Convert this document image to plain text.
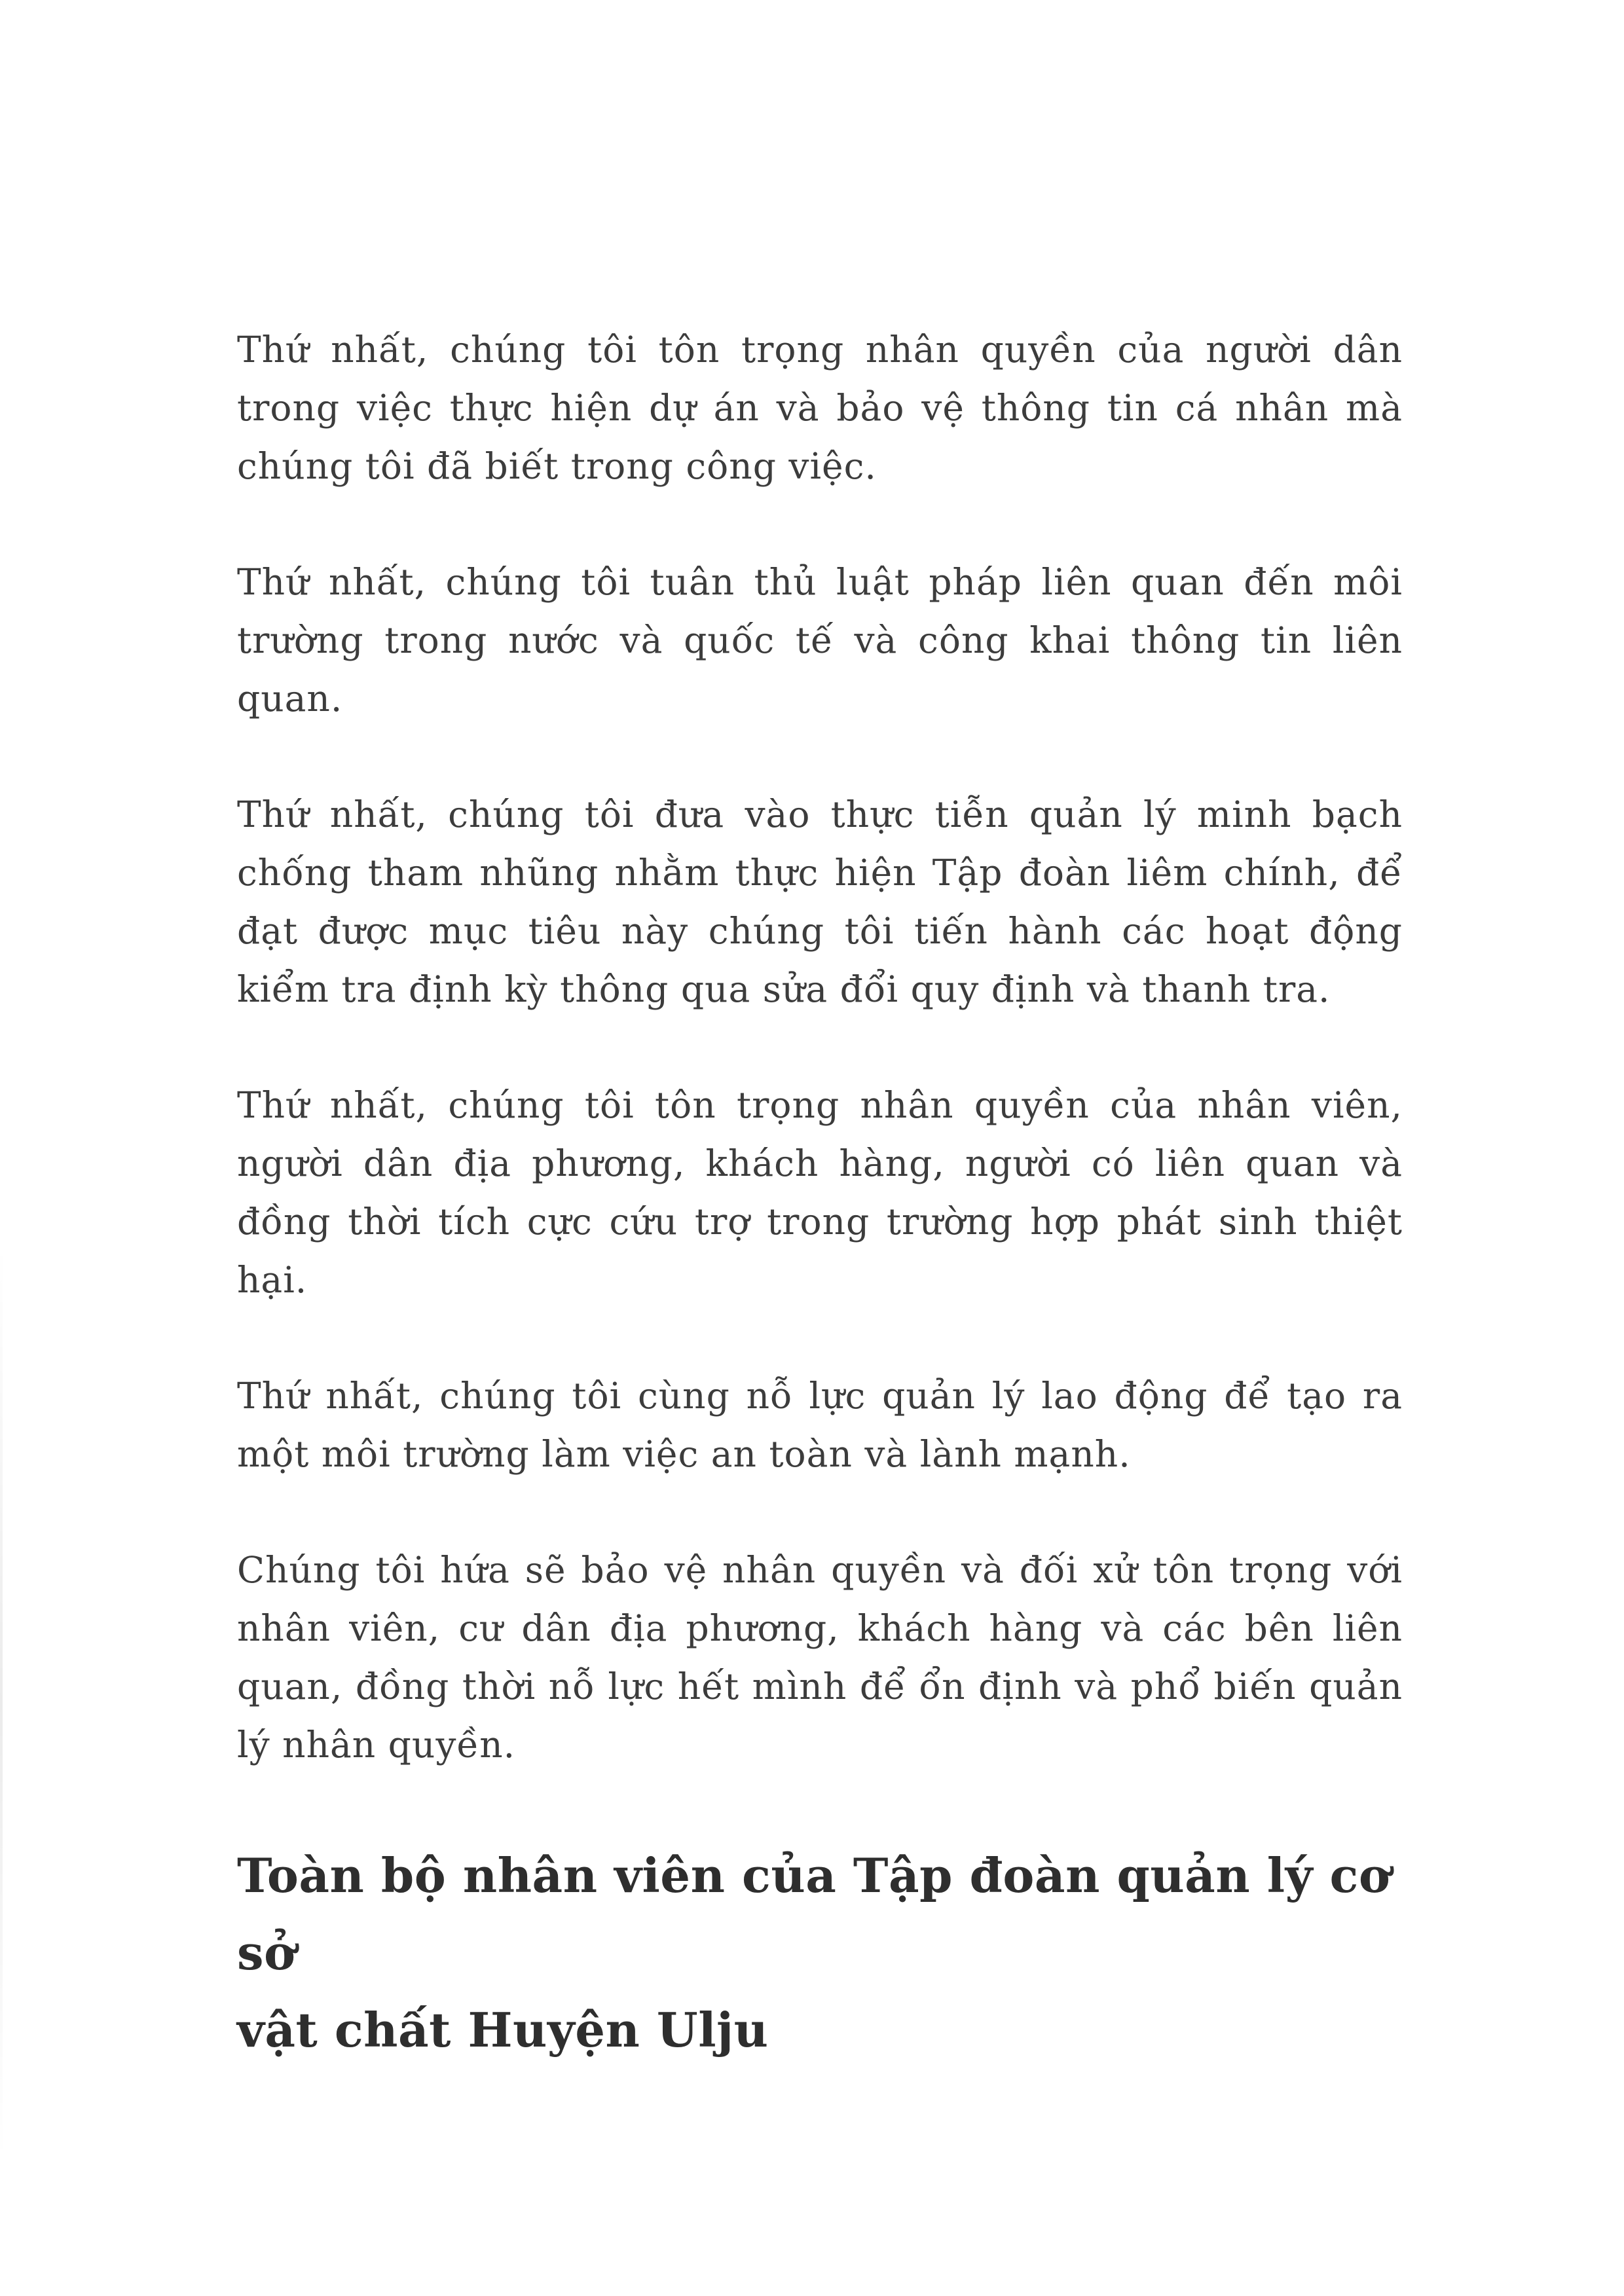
Thứ nhất, chúng tôi tôn trọng nhân quyền của người dân trong việc thực hiện dự án và bảo vệ thông tin cá nhân mà chúng tôi đã biết trong công việc.

Thứ nhất, chúng tôi tuân thủ luật pháp liên quan đến môi trường trong nước và quốc tế và công khai thông tin liên quan.

Thứ nhất, chúng tôi đưa vào thực tiễn quản lý minh bạch chống tham nhũng nhằm thực hiện Tập đoàn liêm chính, để đạt được mục tiêu này chúng tôi tiến hành các hoạt động kiểm tra định kỳ thông qua sửa đổi quy định và thanh tra.

Thứ nhất, chúng tôi tôn trọng nhân quyền của nhân viên, người dân địa phương, khách hàng, người có liên quan và đồng thời tích cực cứu trợ trong trường hợp phát sinh thiệt hại.

Thứ nhất, chúng tôi cùng nỗ lực quản lý lao động để tạo ra một môi trường làm việc an toàn và lành mạnh.

Chúng tôi hứa sẽ bảo vệ nhân quyền và đối xử tôn trọng với nhân viên, cư dân địa phương, khách hàng và các bên liên quan, đồng thời nỗ lực hết mình để ổn định và phổ biến quản lý nhân quyền.

Toàn bộ nhân viên của Tập đoàn quản lý cơ sở
vật chất Huyện Ulju
